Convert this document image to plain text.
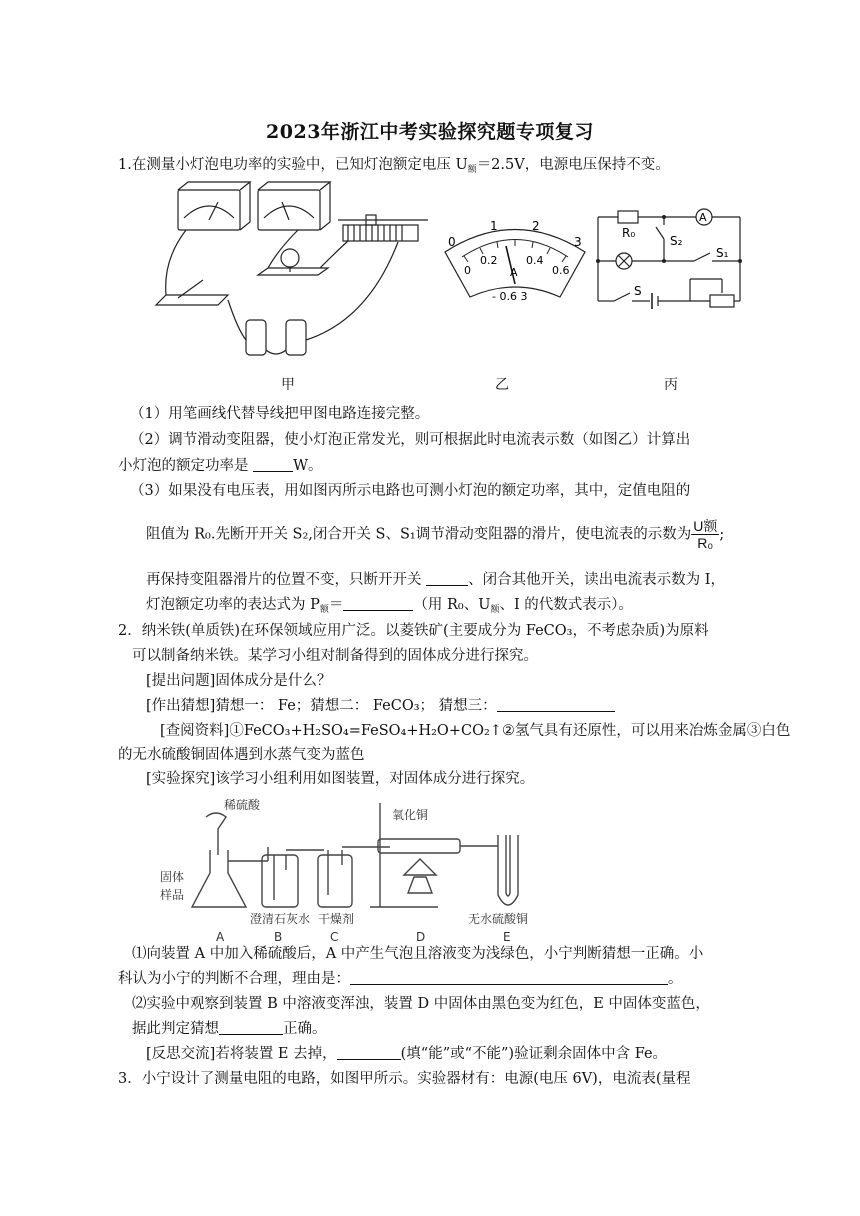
2023年浙江中考实验探究题专项复习
1.在测量小灯泡电功率的实验中，已知灯泡额定电压 $U_额=2.5V$，电源电压保持不变。
0
1	2
3
0
0.2	0.4
0.6
A
- 0.6 3
R₀
A
S₂
S₁
S
甲	乙	丙
（1）用笔画线代替导线把甲图电路连接完整。
（2）调节滑动变阻器，使小灯泡正常发光，则可根据此时电流表示数（如图乙）计算出
小灯泡的额定功率是	W。
（3）如果没有电压表，用如图丙所示电路也可测小灯泡的额定功率，其中，定值电阻的
阻值为 R₀.先断开开关 S₂,闭合开关 S、S₁调节滑动变阻器的滑片，使电流表的示数为 $\frac{\text{U额}}{\text{R₀}}$ ;
再保持变阻器滑片的位置不变，只断开开关	、闭合其他开关，读出电流表示数为 I，
灯泡额定功率的表达式为 $P_额=$	（用 R₀、$U_额$、I 的代数式表示）。
2．纳米铁(单质铁)在环保领域应用广泛。以菱铁矿(主要成分为 FeCO₃，不考虑杂质)为原料
可以制备纳米铁。某学习小组对制备得到的固体成分进行探究。
[提出问题]固体成分是什么？
[作出猜想]猜想一： Fe；猜想二： FeCO₃； 猜想三：
[查阅资料]①FeCO₃+H₂SO₄=FeSO₄+H₂O+CO₂↑②氢气具有还原性，可以用来冶炼金属③白色
的无水硫酸铜固体遇到水蒸气变为蓝色
[实验探究]该学习小组利用如图装置，对固体成分进行探究。
稀硫酸
固体
样品
氧化铜
澄清石灰水 干燥剂	无水硫酸铜
A	B	C	D	E
⑴向装置 A 中加入稀硫酸后，A 中产生气泡且溶液变为浅绿色，小宁判断猜想一正确。小
科认为小宁的判断不合理，理由是：	。
⑵实验中观察到装置 B 中溶液变浑浊，装置 D 中固体由黑色变为红色，E 中固体变蓝色，
据此判定猜想	正确。
[反思交流]若将装置 E 去掉，	(填“能”或“不能”)验证剩余固体中含 Fe。
3．小宁设计了测量电阻的电路，如图甲所示。实验器材有：电源(电压 6V)，电流表(量程
